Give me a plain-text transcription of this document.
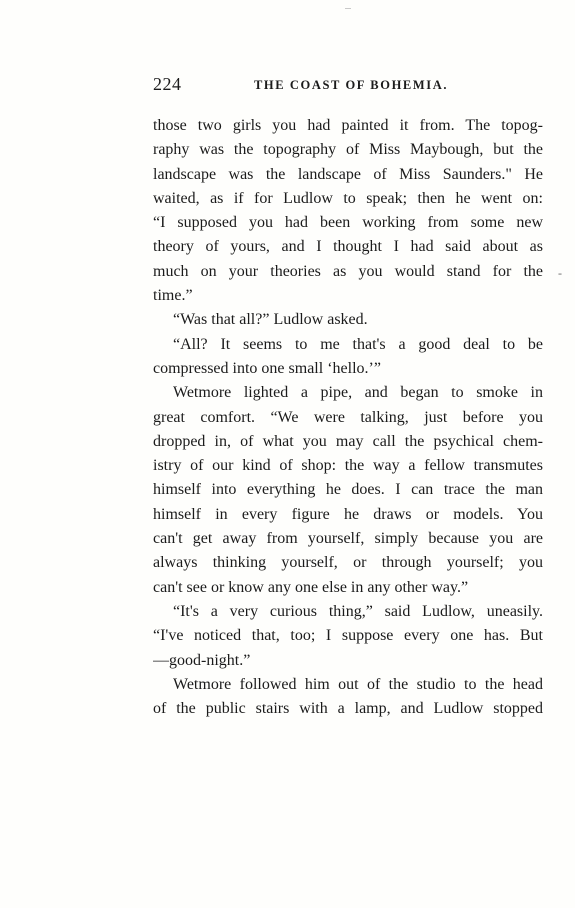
224	THE COAST OF BOHEMIA.
-
those two girls you had painted it from. The topog-
raphy was the topography of Miss Maybough, but the
landscape was the landscape of Miss Saunders." He
waited, as if for Ludlow to speak; then he went on:
“I supposed you had been working from some new
theory of yours, and I thought I had said about as
much on your theories as you would stand for the
time.”
“Was that all?” Ludlow asked.
“All? It seems to me that's a good deal to be
compressed into one small ‘hello.’”
Wetmore lighted a pipe, and began to smoke in
great comfort. “We were talking, just before you
dropped in, of what you may call the psychical chem-
istry of our kind of shop: the way a fellow transmutes
himself into everything he does. I can trace the man
himself in every figure he draws or models. You
can't get away from yourself, simply because you are
always thinking yourself, or through yourself; you
can't see or know any one else in any other way.”
“It's a very curious thing,” said Ludlow, uneasily.
“I've noticed that, too; I suppose every one has. But
—good-night.”
Wetmore followed him out of the studio to the head
of the public stairs with a lamp, and Ludlow stopped
